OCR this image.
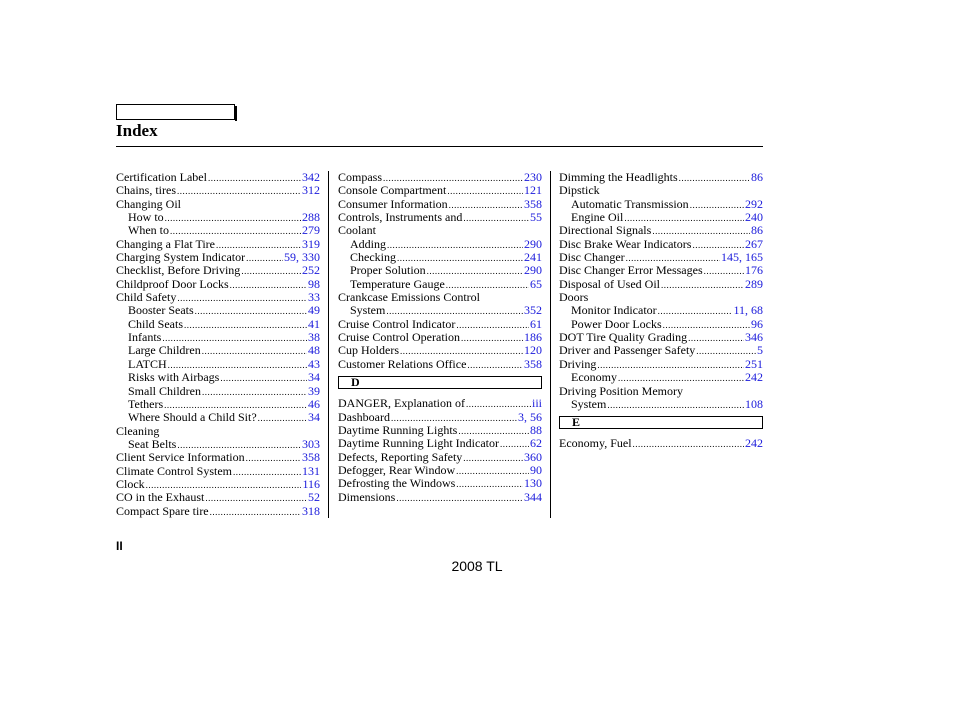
Index
Certification Label .....	342
Chains, tires .....	312
Changing Oil
How to .....	288
When to .....	279
Changing a Flat Tire .....	319
Charging System Indicator .....	59, 330
Checklist, Before Driving .....	252
Childproof Door Locks .....	98
Child Safety .....	33
Booster Seats .....	49
Child Seats .....	41
Infants .....	38
Large Children .....	48
LATCH .....	43
Risks with Airbags .....	34
Small Children .....	39
Tethers .....	46
Where Should a Child Sit? .....	34
Cleaning
Seat Belts .....	303
Client Service Information .....	358
Climate Control System .....	131
Clock .....	116
CO in the Exhaust .....	52
Compact Spare tire .....	318
Compass .....	230
Console Compartment .....	121
Consumer Information .....	358
Controls, Instruments and .....	55
Coolant
Adding .....	290
Checking .....	241
Proper Solution .....	290
Temperature Gauge .....	65
Crankcase Emissions Control
System .....	352
Cruise Control Indicator .....	61
Cruise Control Operation .....	186
Cup Holders .....	120
Customer Relations Office .....	358
D
DANGER, Explanation of .....	iii
Dashboard .....	3, 56
Daytime Running Lights .....	88
Daytime Running Light Indicator .....	62
Defects, Reporting Safety .....	360
Defogger, Rear Window .....	90
Defrosting the Windows .....	130
Dimensions .....	344
Dimming the Headlights .....	86
Dipstick
Automatic Transmission .....	292
Engine Oil .....	240
Directional Signals .....	86
Disc Brake Wear Indicators .....	267
Disc Changer .....	145, 165
Disc Changer Error Messages .....	176
Disposal of Used Oil .....	289
Doors
Monitor Indicator .....	11, 68
Power Door Locks .....	96
DOT Tire Quality Grading .....	346
Driver and Passenger Safety .....	5
Driving .....	251
Economy .....	242
Driving Position Memory
System .....	108
E
Economy, Fuel .....	242
II
2008 TL
